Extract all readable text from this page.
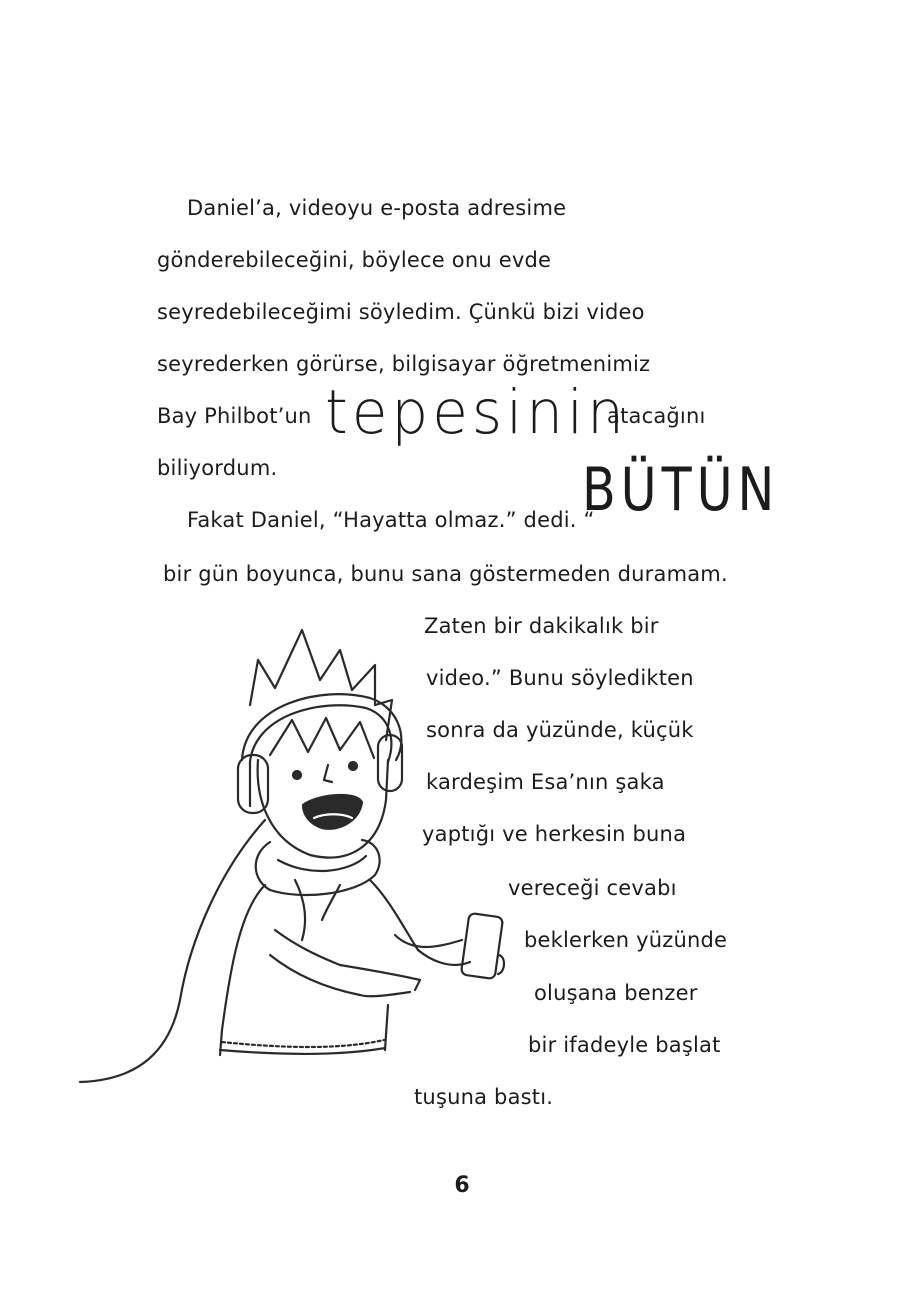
Daniel’a, videoyu e-posta adresime
gönderebileceğini, böylece onu evde
seyredebileceğimi söyledim. Çünkü bizi video
seyrederken görürse, bilgisayar öğretmenimiz
Bay Philbot’un tepesinin
atacağını
biliyordum.
Fakat Daniel, “Hayatta olmaz.” dedi. “
BÜTÜN
bir gün boyunca, bunu sana göstermeden duramam.
Zaten bir dakikalık bir
video.” Bunu söyledikten
sonra da yüzünde, küçük
kardeşim Esa’nın şaka
yaptığı ve herkesin buna
vereceği cevabı
beklerken yüzünde
oluşana benzer
bir ifadeyle başlat
tuşuna bastı.
6
